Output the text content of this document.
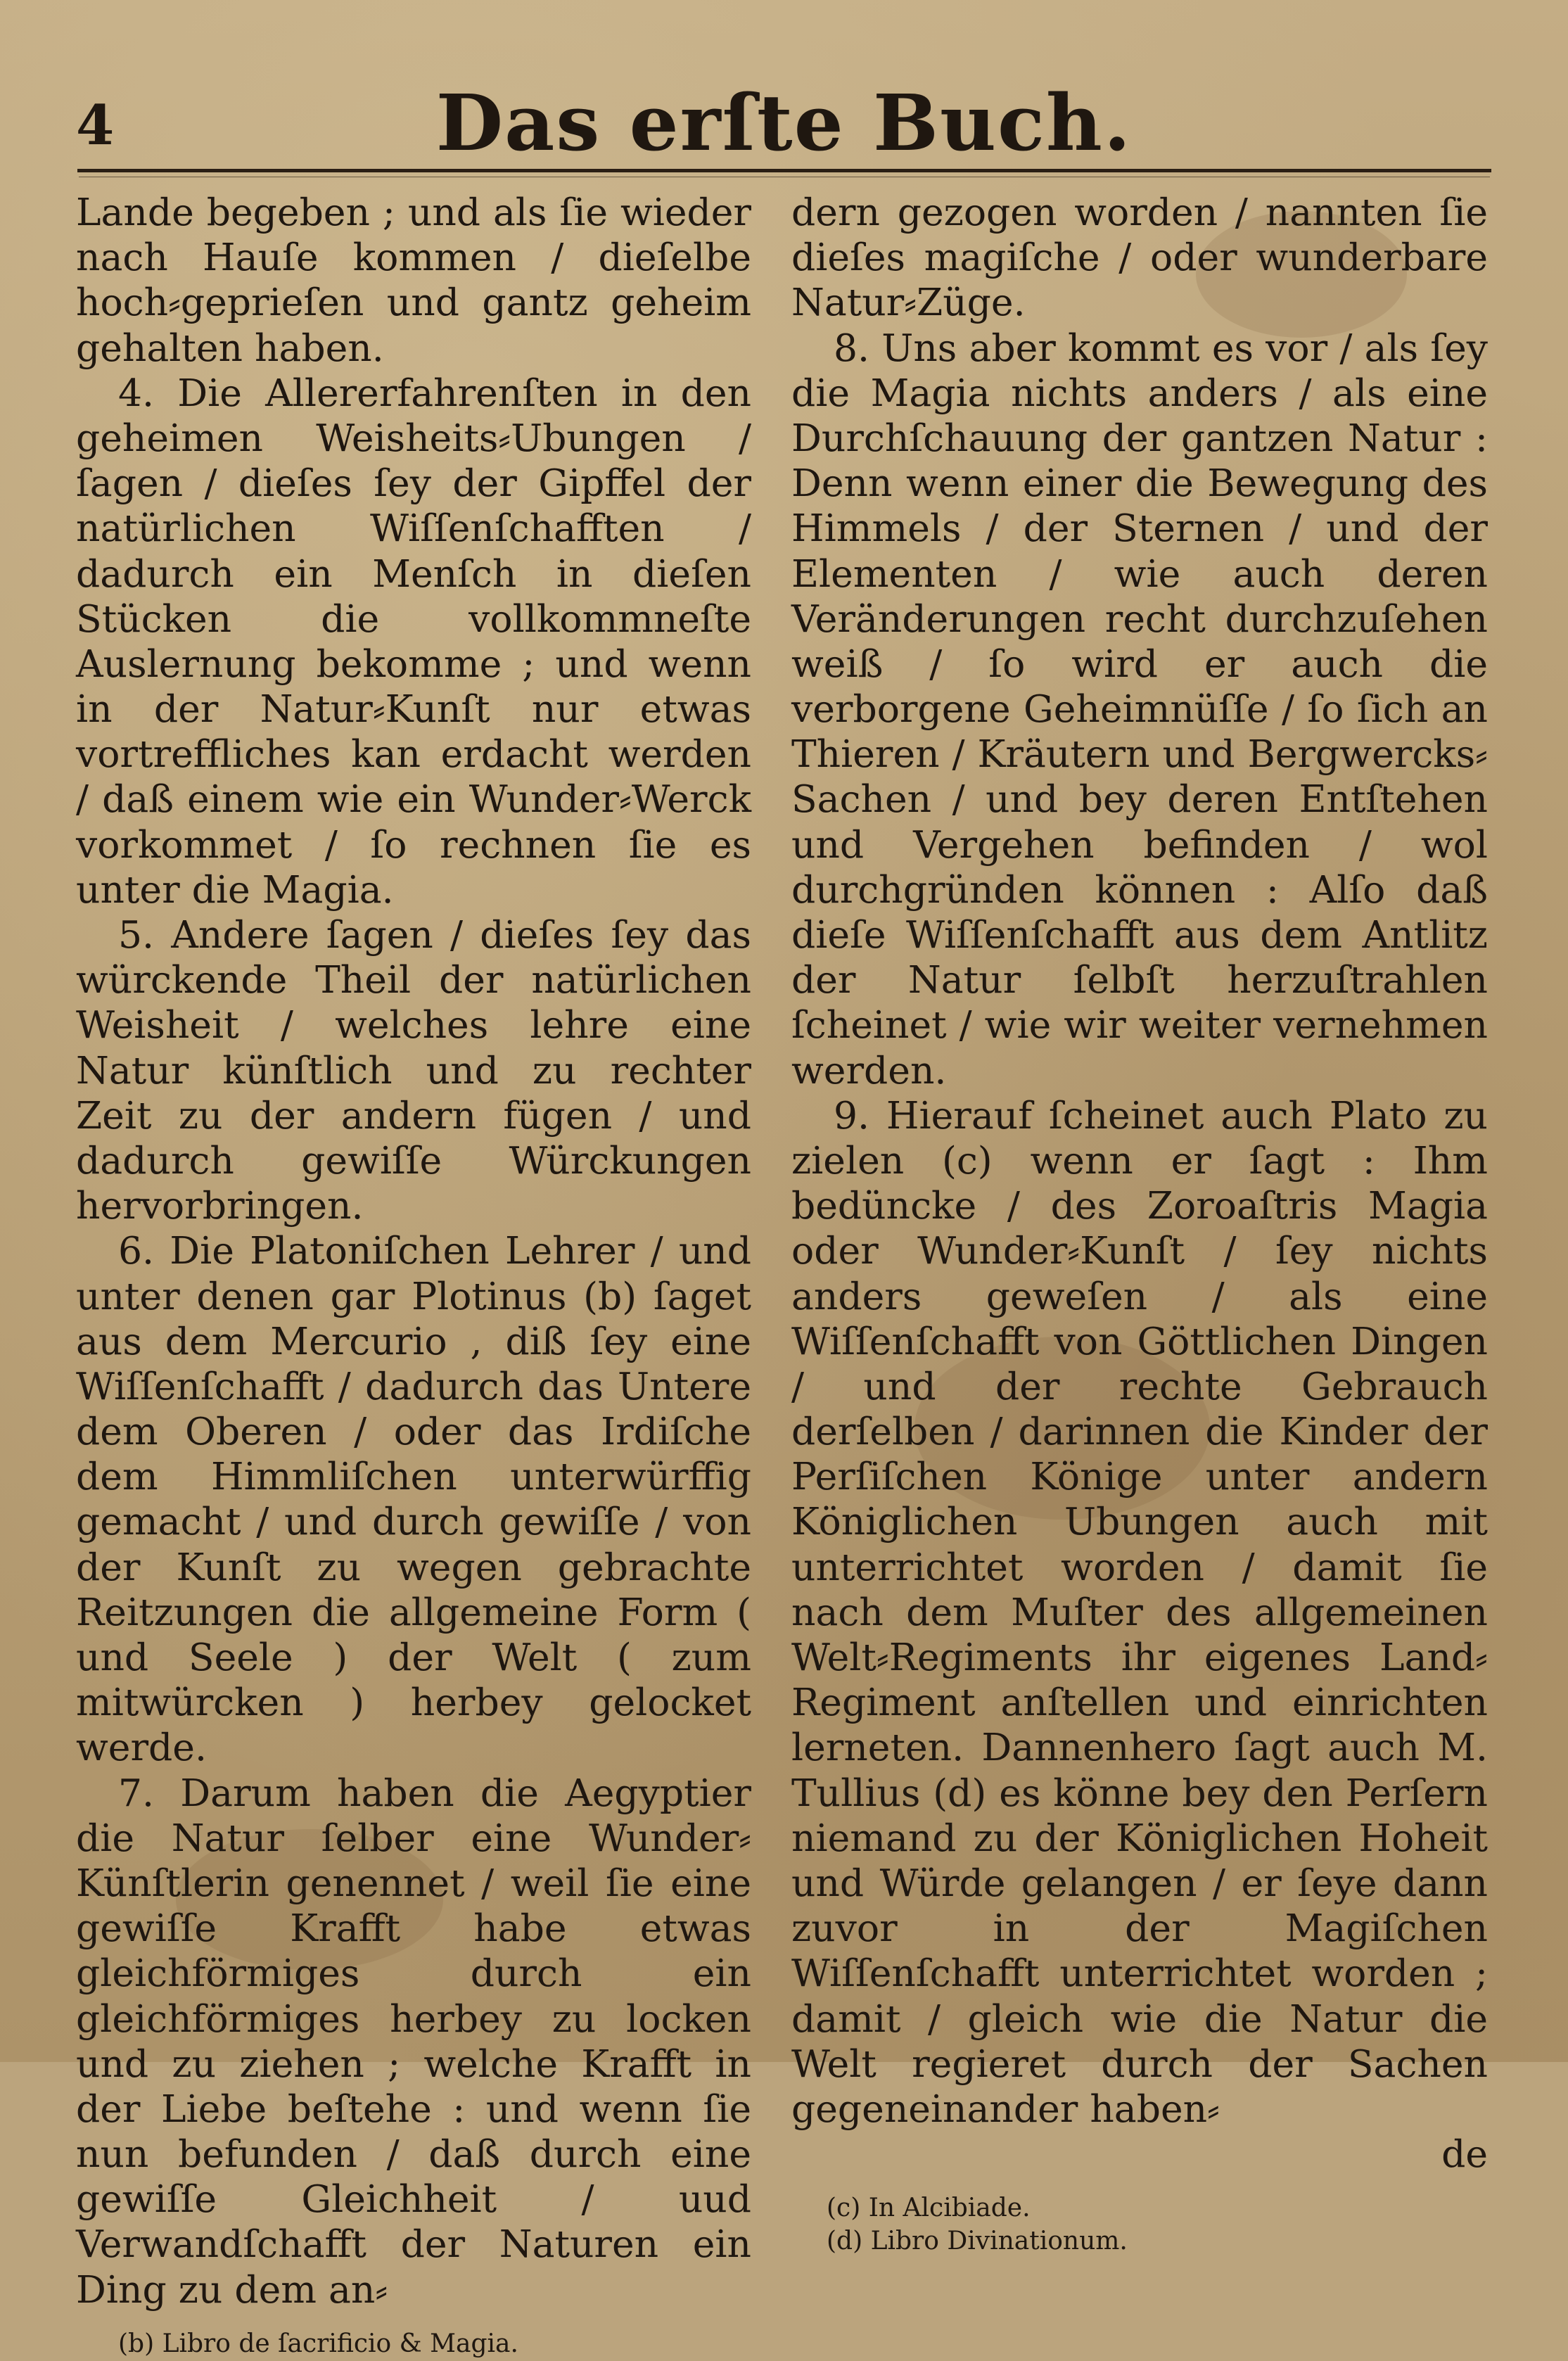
4	Das erſte Buch.

Lande begeben ; und als ſie wieder nach Hauſe kommen / dieſelbe hoch⸗geprieſen und gantz geheim gehalten haben.

4. Die Allererfahrenſten in den geheimen Weisheits⸗Ubungen / ſagen / dieſes ſey der Gipffel der natürlichen Wiſſenſchafften / dadurch ein Menſch in dieſen Stücken die vollkommneſte Auslernung bekomme ; und wenn in der Natur⸗Kunſt nur etwas vortreffliches kan erdacht werden / daß einem wie ein Wunder⸗Werck vorkommet / ſo rechnen ſie es unter die Magia.

5. Andere ſagen / dieſes ſey das würckende Theil der natürlichen Weisheit / welches lehre eine Natur künſtlich und zu rechter Zeit zu der andern fügen / und dadurch gewiſſe Würckungen hervorbringen.

6. Die Platoniſchen Lehrer / und unter denen gar Plotinus (b) ſaget aus dem Mercurio , diß ſey eine Wiſſenſchafft / dadurch das Untere dem Oberen / oder das Irdiſche dem Himmliſchen unterwürffig gemacht / und durch gewiſſe / von der Kunſt zu wegen gebrachte Reitzungen die allgemeine Form ( und Seele ) der Welt ( zum mitwürcken ) herbey gelocket werde.

7. Darum haben die Aegyptier die Natur ſelber eine Wunder⸗Künſtlerin genennet / weil ſie eine gewiſſe Krafft habe etwas gleichförmiges durch ein gleichförmiges herbey zu locken und zu ziehen ; welche Krafft in der Liebe beſtehe : und wenn ſie nun befunden / daß durch eine gewiſſe Gleichheit / uud Verwandſchafft der Naturen ein Ding zu dem an⸗

(b) Libro de ſacrificio & Magia.

dern gezogen worden / nannten ſie dieſes magiſche / oder wunderbare Natur⸗Züge.

8. Uns aber kommt es vor / als ſey die Magia nichts anders / als eine Durchſchauung der gantzen Natur : Denn wenn einer die Bewegung des Himmels / der Sternen / und der Elementen / wie auch deren Veränderungen recht durchzuſehen weiß / ſo wird er auch die verborgene Geheimnüſſe / ſo ſich an Thieren / Kräutern und Bergwercks⸗Sachen / und bey deren Entſtehen und Vergehen befinden / wol durchgründen können : Alſo daß dieſe Wiſſenſchafft aus dem Antlitz der Natur ſelbſt herzuſtrahlen ſcheinet / wie wir weiter vernehmen werden.

9. Hierauf ſcheinet auch Plato zu zielen (c) wenn er ſagt : Ihm bedüncke / des Zoroaſtris Magia oder Wunder⸗Kunſt / ſey nichts anders geweſen / als eine Wiſſenſchafft von Göttlichen Dingen / und der rechte Gebrauch derſelben / darinnen die Kinder der Perſiſchen Könige unter andern Königlichen Ubungen auch mit unterrichtet worden / damit ſie nach dem Muſter des allgemeinen Welt⸗Regiments ihr eigenes Land⸗Regiment anſtellen und einrichten lerneten. Dannenhero ſagt auch M. Tullius (d) es könne bey den Perſern niemand zu der Königlichen Hoheit und Würde gelangen / er ſeye dann zuvor in der Magiſchen Wiſſenſchafft unterrichtet worden ; damit / gleich wie die Natur die Welt regieret durch der Sachen gegeneinander haben⸗

de

(c) In Alcibiade.

(d) Libro Divinationum.
